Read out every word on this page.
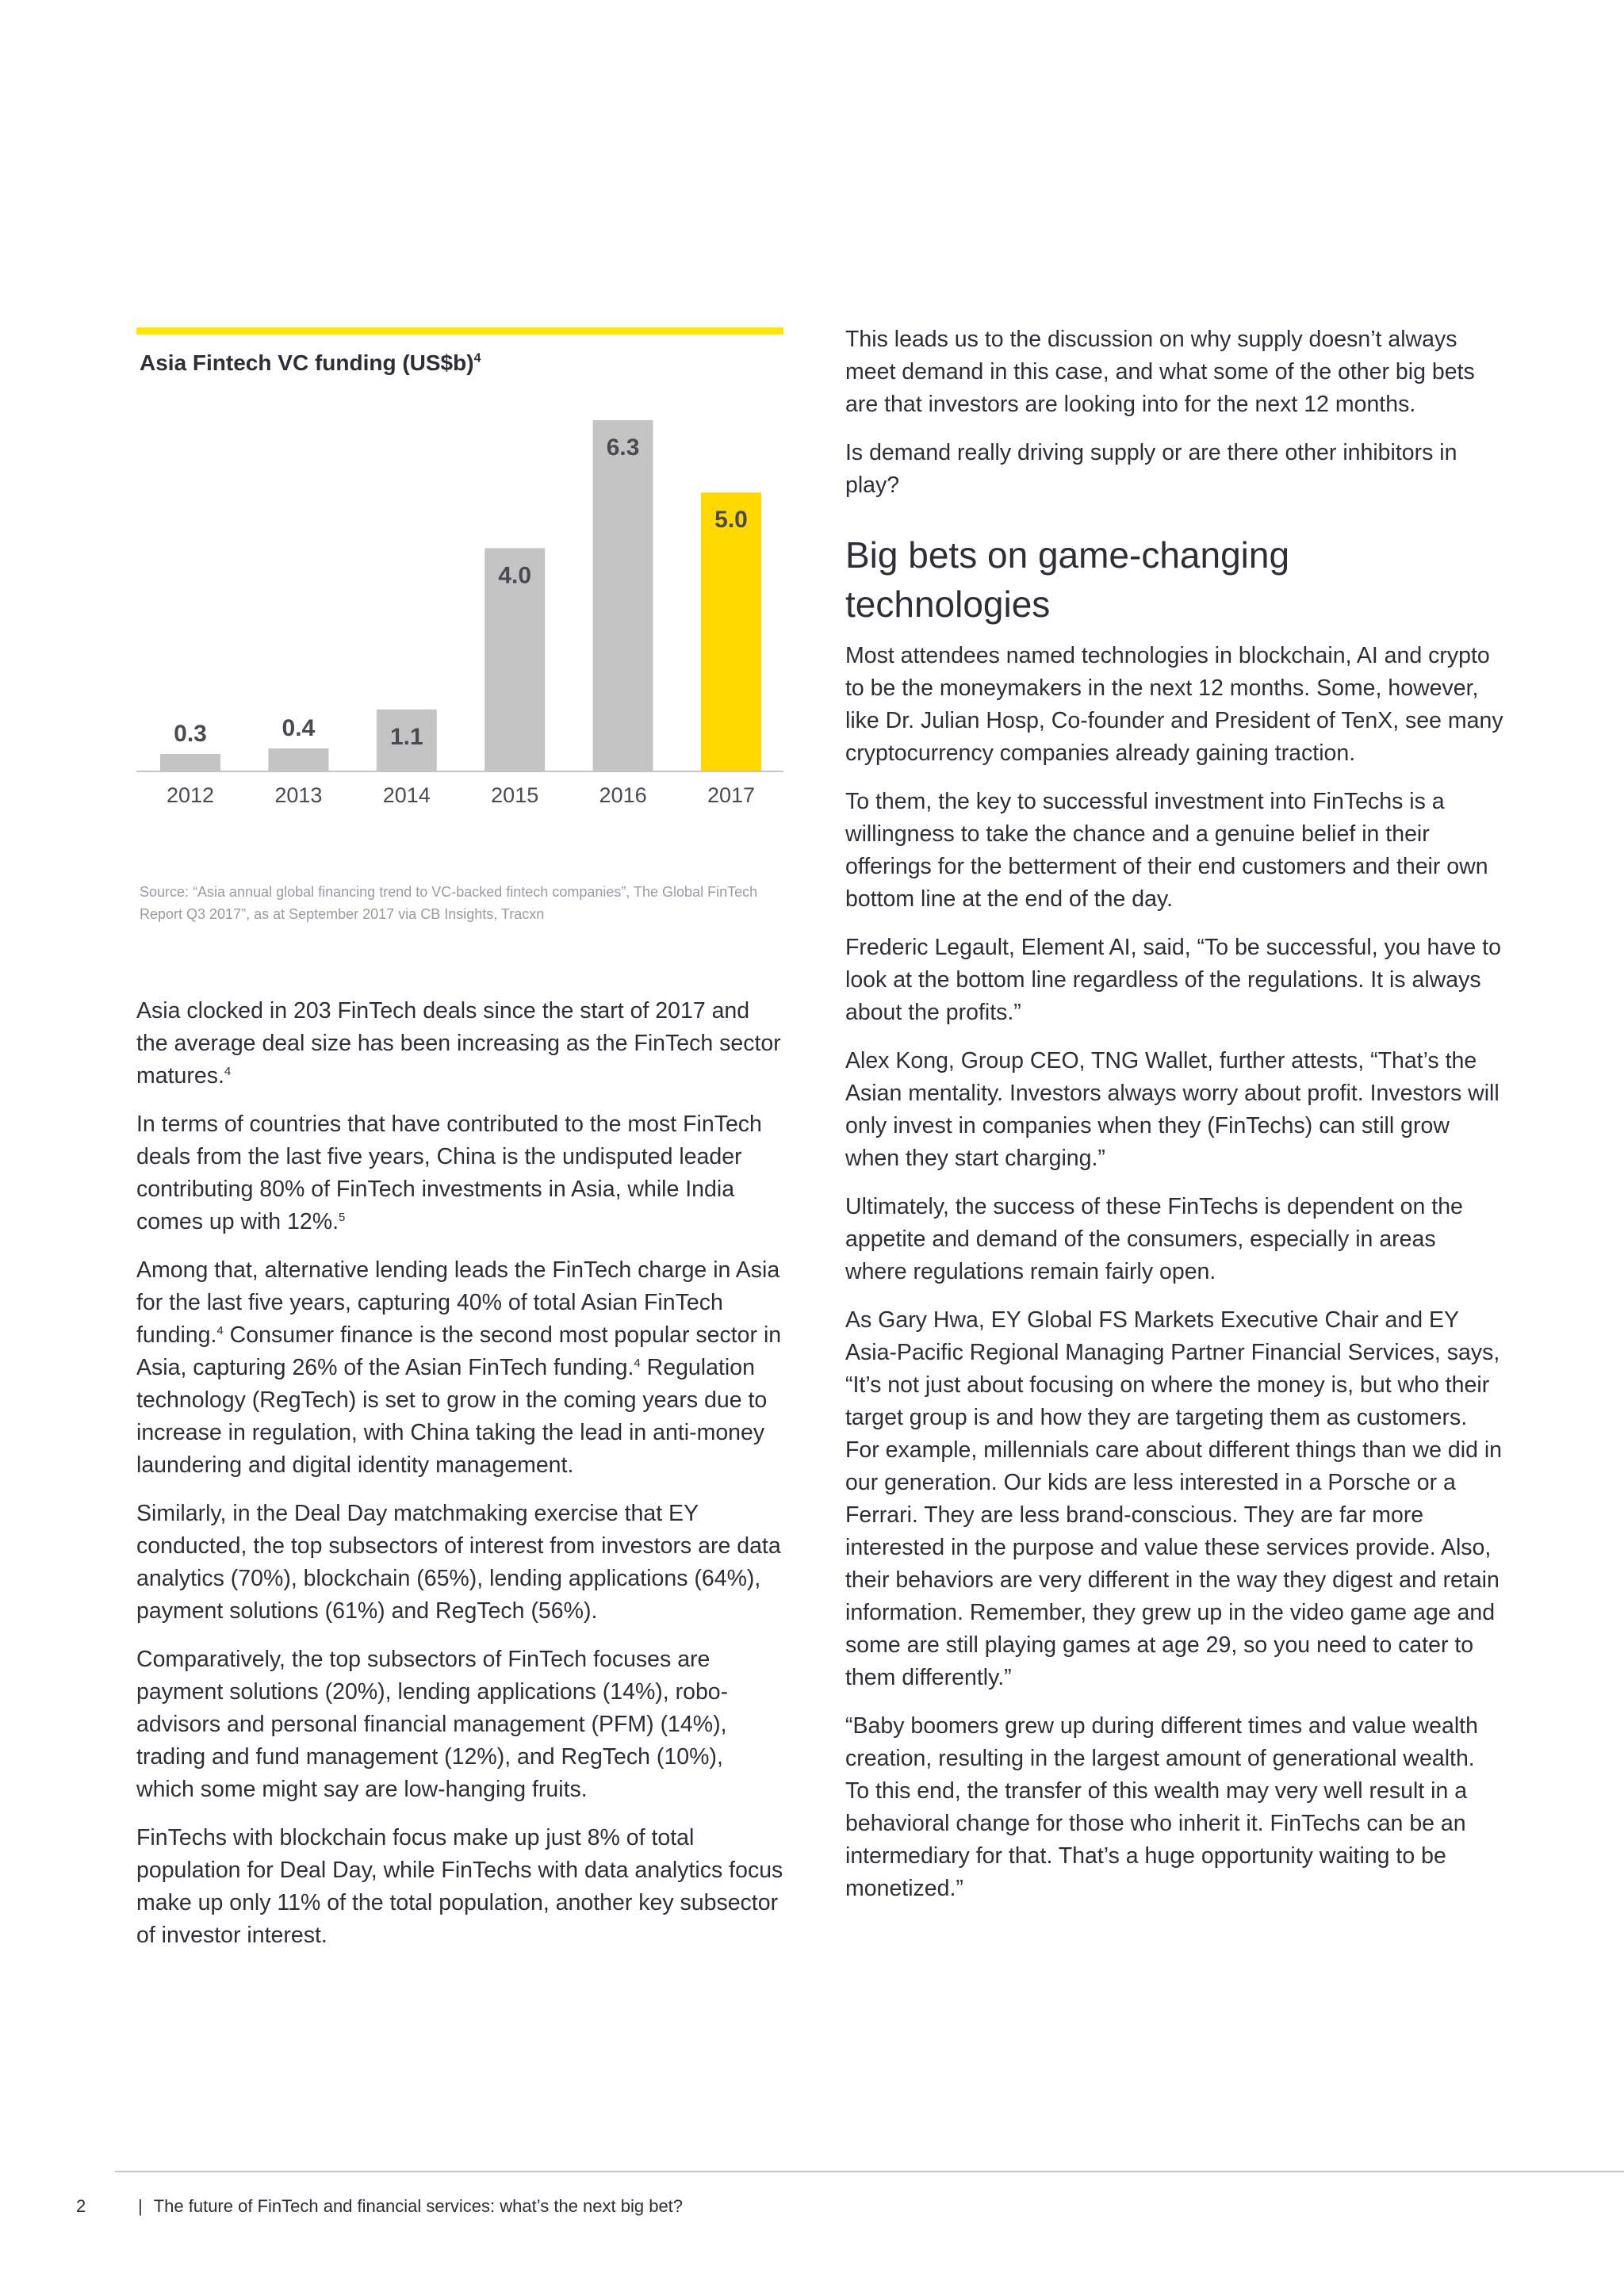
Asia Fintech VC funding (US$b)$^4$
0.3
2012
0.4
2013
1.1
2014
4.0
2015
6.3
2016
5.0
2017
Source: “Asia annual global financing trend to VC-backed fintech companies”, The Global FinTech Report Q3 2017”, as at September 2017 via CB Insights, Tracxn

Asia clocked in 203 FinTech deals since the start of 2017 and the average deal size has been increasing as the FinTech sector matures.$^4$

In terms of countries that have contributed to the most FinTech deals from the last five years, China is the undisputed leader contributing 80% of FinTech investments in Asia, while India comes up with 12%.$^5$

Among that, alternative lending leads the FinTech charge in Asia for the last five years, capturing 40% of total Asian FinTech funding.$^4$ Consumer finance is the second most popular sector in Asia, capturing 26% of the Asian FinTech funding.$^4$ Regulation technology (RegTech) is set to grow in the coming years due to increase in regulation, with China taking the lead in anti-money laundering and digital identity management.

Similarly, in the Deal Day matchmaking exercise that EY conducted, the top subsectors of interest from investors are data analytics (70%), blockchain (65%), lending applications (64%), payment solutions (61%) and RegTech (56%).

Comparatively, the top subsectors of FinTech focuses are payment solutions (20%), lending applications (14%), robo-advisors and personal financial management (PFM) (14%), trading and fund management (12%), and RegTech (10%), which some might say are low-hanging fruits.

FinTechs with blockchain focus make up just 8% of total population for Deal Day, while FinTechs with data analytics focus make up only 11% of the total population, another key subsector of investor interest.

This leads us to the discussion on why supply doesn’t always meet demand in this case, and what some of the other big bets are that investors are looking into for the next 12 months.

Is demand really driving supply or are there other inhibitors in play?

Big bets on game-changing technologies

Most attendees named technologies in blockchain, AI and crypto to be the moneymakers in the next 12 months. Some, however, like Dr. Julian Hosp, Co-founder and President of TenX, see many cryptocurrency companies already gaining traction.

To them, the key to successful investment into FinTechs is a willingness to take the chance and a genuine belief in their offerings for the betterment of their end customers and their own bottom line at the end of the day.

Frederic Legault, Element AI, said, “To be successful, you have to look at the bottom line regardless of the regulations. It is always about the profits.”

Alex Kong, Group CEO, TNG Wallet, further attests, “That’s the Asian mentality. Investors always worry about profit. Investors will only invest in companies when they (FinTechs) can still grow when they start charging.”

Ultimately, the success of these FinTechs is dependent on the appetite and demand of the consumers, especially in areas where regulations remain fairly open.

As Gary Hwa, EY Global FS Markets Executive Chair and EY Asia-Pacific Regional Managing Partner Financial Services, says, “It’s not just about focusing on where the money is, but who their target group is and how they are targeting them as customers. For example, millennials care about different things than we did in our generation. Our kids are less interested in a Porsche or a Ferrari. They are less brand-conscious. They are far more interested in the purpose and value these services provide. Also, their behaviors are very different in the way they digest and retain information. Remember, they grew up in the video game age and some are still playing games at age 29, so you need to cater to them differently.”

“Baby boomers grew up during different times and value wealth creation, resulting in the largest amount of generational wealth. To this end, the transfer of this wealth may very well result in a behavioral change for those who inherit it. FinTechs can be an intermediary for that. That’s a huge opportunity waiting to be monetized.”

2	| The future of FinTech and financial services: what’s the next big bet?
